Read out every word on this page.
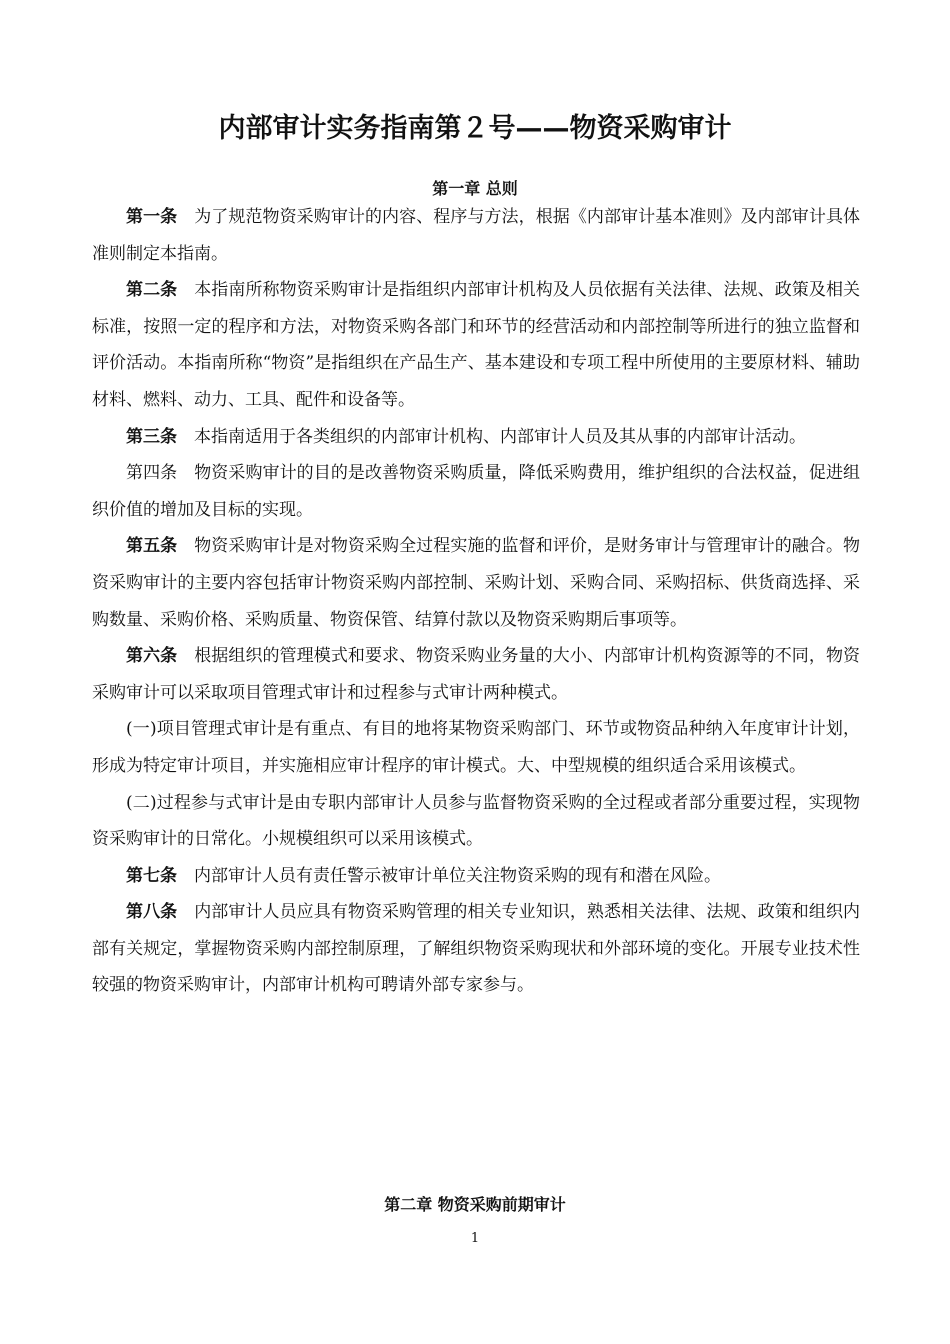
内部审计实务指南第２号——物资采购审计
第一章 总则

第一条 为了规范物资采购审计的内容、程序与方法，根据《内部审计基本准则》及内部审计具体准则制定本指南。

第二条 本指南所称物资采购审计是指组织内部审计机构及人员依据有关法律、法规、政策及相关标准，按照一定的程序和方法，对物资采购各部门和环节的经营活动和内部控制等所进行的独立监督和评价活动。本指南所称“物资”是指组织在产品生产、基本建设和专项工程中所使用的主要原材料、辅助材料、燃料、动力、工具、配件和设备等。

第三条 本指南适用于各类组织的内部审计机构、内部审计人员及其从事的内部审计活动。

第四条 物资采购审计的目的是改善物资采购质量，降低采购费用，维护组织的合法权益，促进组织价值的增加及目标的实现。

第五条 物资采购审计是对物资采购全过程实施的监督和评价，是财务审计与管理审计的融合。物资采购审计的主要内容包括审计物资采购内部控制、采购计划、采购合同、采购招标、供货商选择、采购数量、采购价格、采购质量、物资保管、结算付款以及物资采购期后事项等。

第六条 根据组织的管理模式和要求、物资采购业务量的大小、内部审计机构资源等的不同，物资采购审计可以采取项目管理式审计和过程参与式审计两种模式。

(一)项目管理式审计是有重点、有目的地将某物资采购部门、环节或物资品种纳入年度审计计划，形成为特定审计项目，并实施相应审计程序的审计模式。大、中型规模的组织适合采用该模式。

(二)过程参与式审计是由专职内部审计人员参与监督物资采购的全过程或者部分重要过程，实现物资采购审计的日常化。小规模组织可以采用该模式。

第七条 内部审计人员有责任警示被审计单位关注物资采购的现有和潜在风险。

第八条 内部审计人员应具有物资采购管理的相关专业知识，熟悉相关法律、法规、政策和组织内部有关规定，掌握物资采购内部控制原理，了解组织物资采购现状和外部环境的变化。开展专业技术性较强的物资采购审计，内部审计机构可聘请外部专家参与。

第二章 物资采购前期审计
1
